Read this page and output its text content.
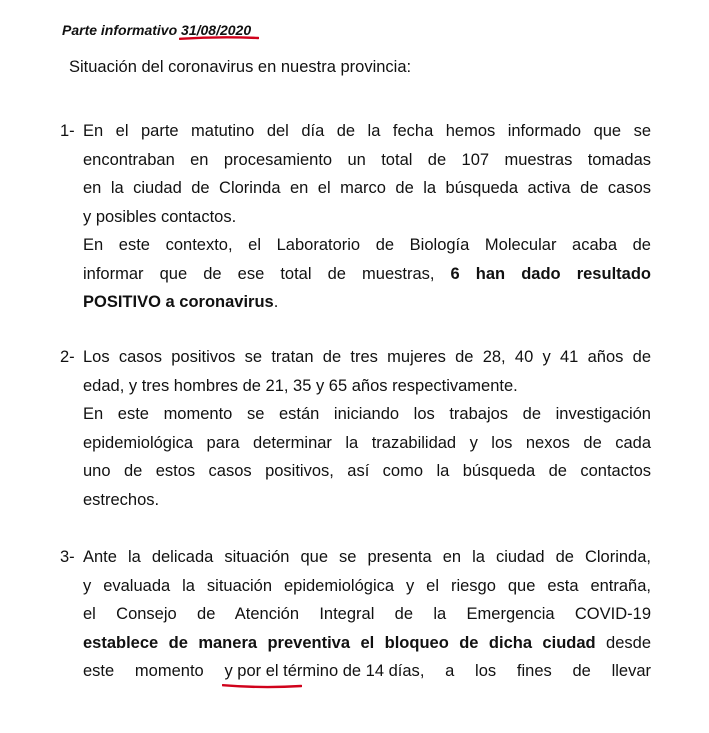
Parte informativo 31/08/2020
Situación del coronavirus en nuestra provincia:
1- En el parte matutino del día de la fecha hemos informado que se
encontraban en procesamiento un total de 107 muestras tomadas
en la ciudad de Clorinda en el marco de la búsqueda activa de casos
y posibles contactos.
En este contexto, el Laboratorio de Biología Molecular acaba de
informar que de ese total de muestras, 6 han dado resultado
POSITIVO a coronavirus.
2- Los casos positivos se tratan de tres mujeres de 28, 40 y 41 años de
edad, y tres hombres de 21, 35 y 65 años respectivamente.
En este momento se están iniciando los trabajos de investigación
epidemiológica para determinar la trazabilidad y los nexos de cada
uno de estos casos positivos, así como la búsqueda de contactos
estrechos.
3- Ante la delicada situación que se presenta en la ciudad de Clorinda,
y evaluada la situación epidemiológica y el riesgo que esta entraña,
el Consejo de Atención Integral de la Emergencia COVID-19
establece de manera preventiva el bloqueo de dicha ciudad desde
este momento y por el término de 14 días,
a los fines de llevar
